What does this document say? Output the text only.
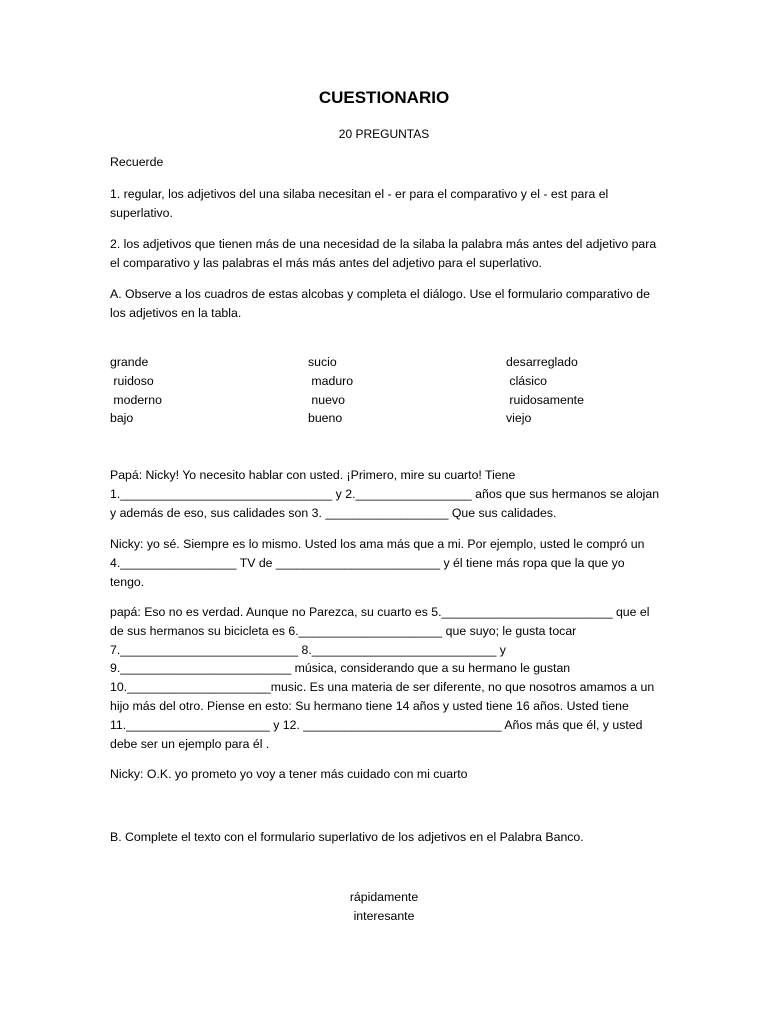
CUESTIONARIO
20 PREGUNTAS
Recuerde
1. regular, los adjetivos del una silaba necesitan el - er para el comparativo y el - est para el superlativo.
2. los adjetivos que tienen más de una necesidad de la silaba la palabra más antes del adjetivo para el comparativo y las palabras el más más antes del adjetivo para el superlativo.
A. Observe a los cuadros de estas alcobas y completa el diálogo. Use el formulario comparativo de los adjetivos en la tabla.
grande	sucio	desarreglado
ruidoso	maduro	clásico
moderno	nuevo	ruidosamente
bajo	bueno	viejo
Papá: Nicky! Yo necesito hablar con usted. ¡Primero, mire su cuarto! Tiene 1._______________________________ y 2._________________ años que sus hermanos se alojan y además de eso, sus calidades son 3. __________________ Que sus calidades.
Nicky: yo sé. Siempre es lo mismo. Usted los ama más que a mi. Por ejemplo, usted le compró un 4._________________ TV de ________________________ y él tiene más ropa que la que yo tengo.
papá: Eso no es verdad. Aunque no Parezca, su cuarto es 5._________________________ que el de sus hermanos su bicicleta es 6._____________________ que suyo; le gusta tocar 7.__________________________ 8.___________________________ y 9._________________________ música, considerando que a su hermano le gustan 10._____________________music. Es una materia de ser diferente, no que nosotros amamos a un hijo más del otro. Piense en esto: Su hermano tiene 14 años y usted tiene 16 años. Usted tiene 11._____________________ y 12. _____________________________ Años más que él, y usted debe ser un ejemplo para él .
Nicky: O.K. yo prometo yo voy a tener más cuidado con mi cuarto
B. Complete el texto con el formulario superlativo de los adjetivos en el Palabra Banco.
rápidamente
interesante
